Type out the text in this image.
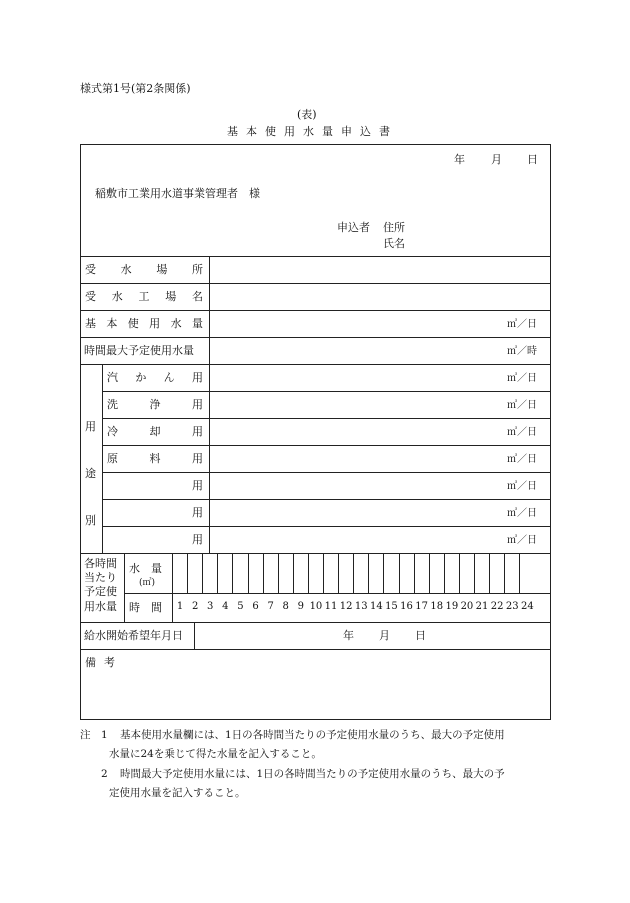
様式第1号(第2条関係)
(表)
基本使用水量申込書
年 月 日
稲敷市工業用水道事業管理者　様
申込者 住所
氏名
受 水 場 所
受 水 工 場 名
基 本 使 用 水 量	㎥／日
時間最大予定使用水量	㎥／時
用途別
汽 か ん 用	㎥／日
洗	浄	用	㎥／日
冷	却	用	㎥／日
原	料	用	㎥／日
用	㎥／日
用	㎥／日
用	㎥／日
各時間
当たり
予定使
用水量
水　量
(㎥)
時　間	1 2 3 4 5 6 7 8 9 10 11 12 13 14 15 16 17 18 19 20 21 22 23 24
給水開始希望年月日	年 月 日
備考
注 1 基本使用水量欄には、1日の各時間当たりの予定使用水量のうち、最大の予定使用
水量に24を乗じて得た水量を記入すること。
2 時間最大予定使用水量には、1日の各時間当たりの予定使用水量のうち、最大の予
定使用水量を記入すること。
